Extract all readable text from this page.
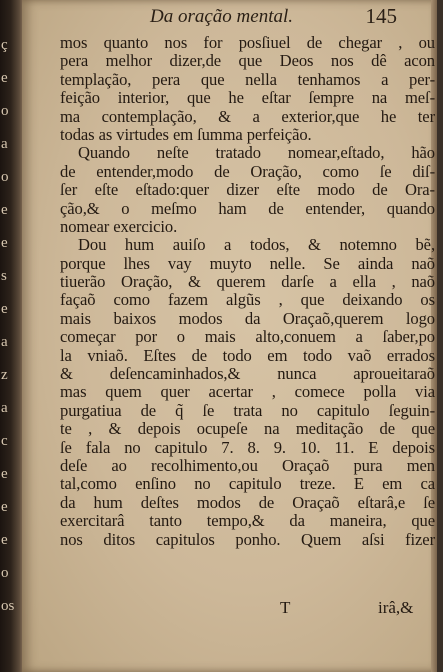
ç
e
o
a
o
e
e
s
e
a
z
a
c
e
e
e
o
os
Da oração mental.	145
mos quanto nos for posſiuel de chegar , ou
pera melhor dizer,de que Deos nos dê acon
templação, pera que nella tenhamos a per-
feição interior, que he eſtar ſempre na meſ-
ma contemplação, & a exterior,que he ter
todas as virtudes em ſumma perfeição.
Quando neſte tratado nomear,eſtado, hão
de entender,modo de Oração, como ſe diſ-
ſer eſte eſtado:quer dizer eſte modo de Ora-
ção,& o meſmo ham de entender, quando
nomear exercicio.
Dou hum auiſo a todos, & notemno bẽ,
porque lhes vay muyto nelle. Se ainda naõ
tiuerão Oração, & querem darſe a ella , naõ
façaõ como fazem algũs , que deixando os
mais baixos modos da Oraçaõ,querem logo
começar por o mais alto,conuem a ſaber,po
la vniaõ. Eſtes de todo em todo vaõ errados
& deſencaminhados,& nunca aproueitaraõ
mas quem quer acertar , comece polla via
purgatiua de q̃ ſe trata no capitulo ſeguin-
te , & depois ocupeſe na meditação de que
ſe fala no capitulo 7. 8. 9. 10. 11. E depois
deſe ao recolhimento,ou Oraçaõ pura men
tal,como enſino no capitulo treze. E em ca
da hum deſtes modos de Oraçaõ eſtarâ,e ſe
exercitarâ tanto tempo,& da maneira, que
nos ditos capitulos ponho. Quem aſsi fizer
T	irâ,&
